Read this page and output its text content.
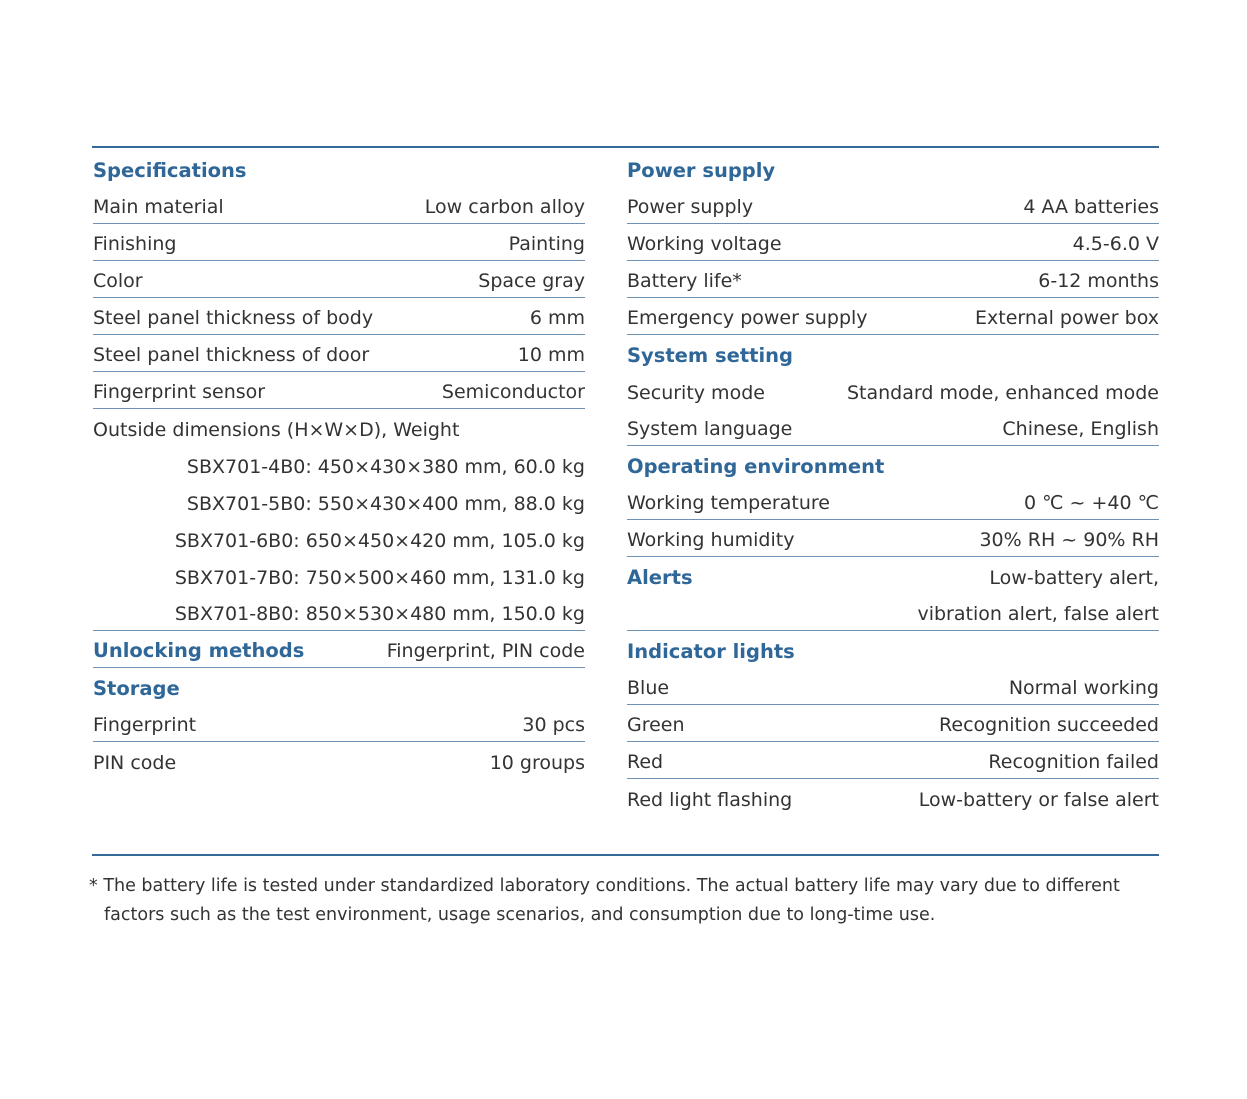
Specifications
Main material	Low carbon alloy
Finishing	Painting
Color	Space gray
Steel panel thickness of body	6 mm
Steel panel thickness of door	10 mm
Fingerprint sensor	Semiconductor
Outside dimensions (H×W×D), Weight
SBX701-4B0: 450×430×380 mm, 60.0 kg
SBX701-5B0: 550×430×400 mm, 88.0 kg
SBX701-6B0: 650×450×420 mm, 105.0 kg
SBX701-7B0: 750×500×460 mm, 131.0 kg
SBX701-8B0: 850×530×480 mm, 150.0 kg
Unlocking methods	Fingerprint, PIN code
Storage
Fingerprint	30 pcs
PIN code	10 groups
Power supply
Power supply	4 AA batteries
Working voltage	4.5-6.0 V
Battery life*	6-12 months
Emergency power supply	External power box
System setting
Security mode	Standard mode, enhanced mode
System language	Chinese, English
Operating environment
Working temperature	0 ℃ ~ +40 ℃
Working humidity	30% RH ~ 90% RH
Alerts	Low-battery alert,
vibration alert, false alert
Indicator lights
Blue	Normal working
Green	Recognition succeeded
Red	Recognition failed
Red light flashing	Low-battery or false alert

* The battery life is tested under standardized laboratory conditions. The actual battery life may vary due to different factors such as the test environment, usage scenarios, and consumption due to long-time use.
